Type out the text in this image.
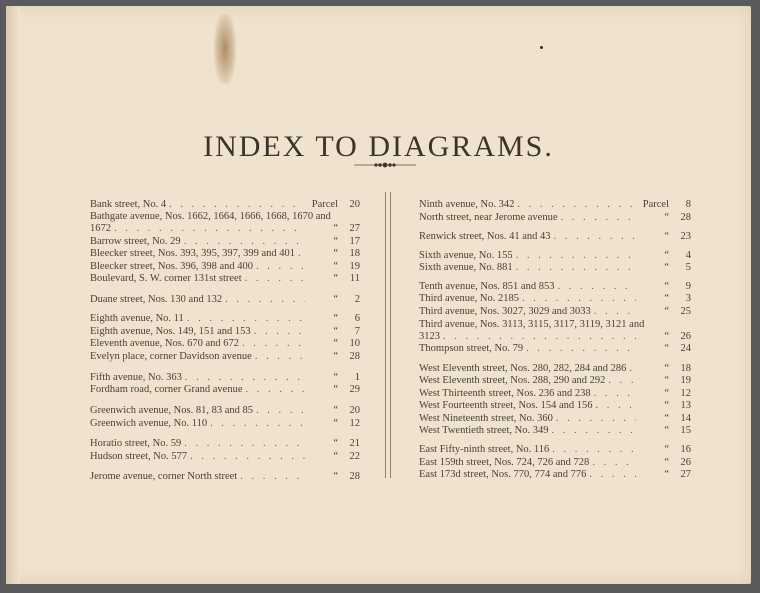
INDEX TO DIAGRAMS.
Bank street, No. 4 . . .	Parcel	20
Bathgate avenue, Nos. 1662, 1664, 1666, 1668, 1670 and
1672 . . .	“	27
Barrow street, No. 29 . . .	“	17
Bleecker street, Nos. 393, 395, 397, 399 and 401 . . .	“	18
Bleecker street, Nos. 396, 398 and 400 . . .	“	19
Boulevard, S. W. corner 131st street . . .	“	11
Duane street, Nos. 130 and 132 . . .	“	2
Eighth avenue, No. 11 . . .	“	6
Eighth avenue, Nos. 149, 151 and 153 . . .	“	7
Eleventh avenue, Nos. 670 and 672 . . .	“	10
Evelyn place, corner Davidson avenue . . .	“	28
Fifth avenue, No. 363 . . .	“	1
Fordham road, corner Grand avenue . . .	“	29
Greenwich avenue, Nos. 81, 83 and 85 . . .	“	20
Greenwich avenue, No. 110 . . .	“	12
Horatio street, No. 59 . . .	“	21
Hudson street, No. 577 . . .	“	22
Jerome avenue, corner North street . . .	“	28
Ninth avenue, No. 342 . . .	Parcel	8
North street, near Jerome avenue . . .	“	28
Renwick street, Nos. 41 and 43 . . .	“	23
Sixth avenue, No. 155 . . .	“	4
Sixth avenue, No. 881 . . .	“	5
Tenth avenue, Nos. 851 and 853 . . .	“	9
Third avenue, No. 2185 . . .	“	3
Third avenue, Nos. 3027, 3029 and 3033 . . .	“	25
Third avenue, Nos. 3113, 3115, 3117, 3119, 3121 and
3123 . . .	“	26
Thompson street, No. 79 . . .	“	24
West Eleventh street, Nos. 280, 282, 284 and 286 . . .	“	18
West Eleventh street, Nos. 288, 290 and 292 . . .	“	19
West Thirteenth street, Nos. 236 and 238 . . .	“	12
West Fourteenth street, Nos. 154 and 156 . . .	“	13
West Nineteenth street, No. 360 . . .	“	14
West Twentieth street, No. 349 . . .	“	15
East Fifty-ninth street, No. 116 . . .	“	16
East 159th street, Nos. 724, 726 and 728 . . .	“	26
East 173d street, Nos. 770, 774 and 776 . . .	“	27
